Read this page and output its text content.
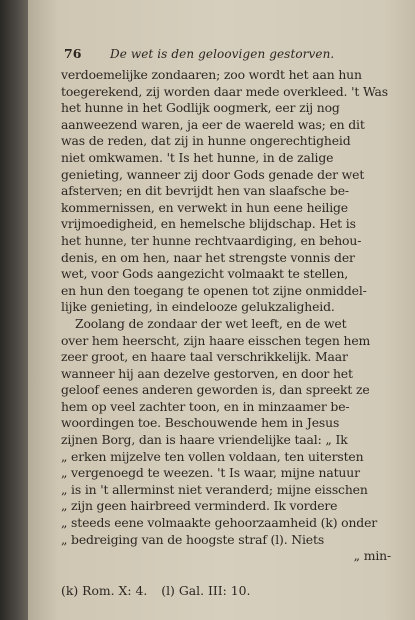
76 De wet is den geloovigen gestorven.
verdoemelijke zondaaren; zoo wordt het aan hun
toegerekend, zij worden daar mede overkleed. 't Was
het hunne in het Godlijk oogmerk, eer zij nog
aanweezend waren, ja eer de waereld was; en dit
was de reden, dat zij in hunne ongerechtigheid
niet omkwamen. 't Is het hunne, in de zalige
genieting, wanneer zij door Gods genade der wet
afsterven; en dit bevrijdt hen van slaafsche be-
kommernissen, en verwekt in hun eene heilige
vrijmoedigheid, en hemelsche blijdschap. Het is
het hunne, ter hunne rechtvaardiging, en behou-
denis, en om hen, naar het strengste vonnis der
wet, voor Gods aangezicht volmaakt te stellen,
en hun den toegang te openen tot zijne onmiddel-
lijke genieting, in eindelooze gelukzaligheid.
Zoolang de zondaar der wet leeft, en de wet
over hem heerscht, zijn haare eisschen tegen hem
zeer groot, en haare taal verschrikkelijk. Maar
wanneer hij aan dezelve gestorven, en door het
geloof eenes anderen geworden is, dan spreekt ze
hem op veel zachter toon, en in minzaamer be-
woordingen toe. Beschouwende hem in Jesus
zijnen Borg, dan is haare vriendelijke taal: „ Ik
„ erken mijzelve ten vollen voldaan, ten uitersten
„ vergenoegd te weezen. 't Is waar, mijne natuur
„ is in 't allerminst niet veranderd; mijne eisschen
„ zijn geen hairbreed verminderd. Ik vordere
„ steeds eene volmaakte gehoorzaamheid (k) onder
„ bedreiging van de hoogste straf (l). Niets
„ min-
(k) Rom. X: 4. (l) Gal. III: 10.
